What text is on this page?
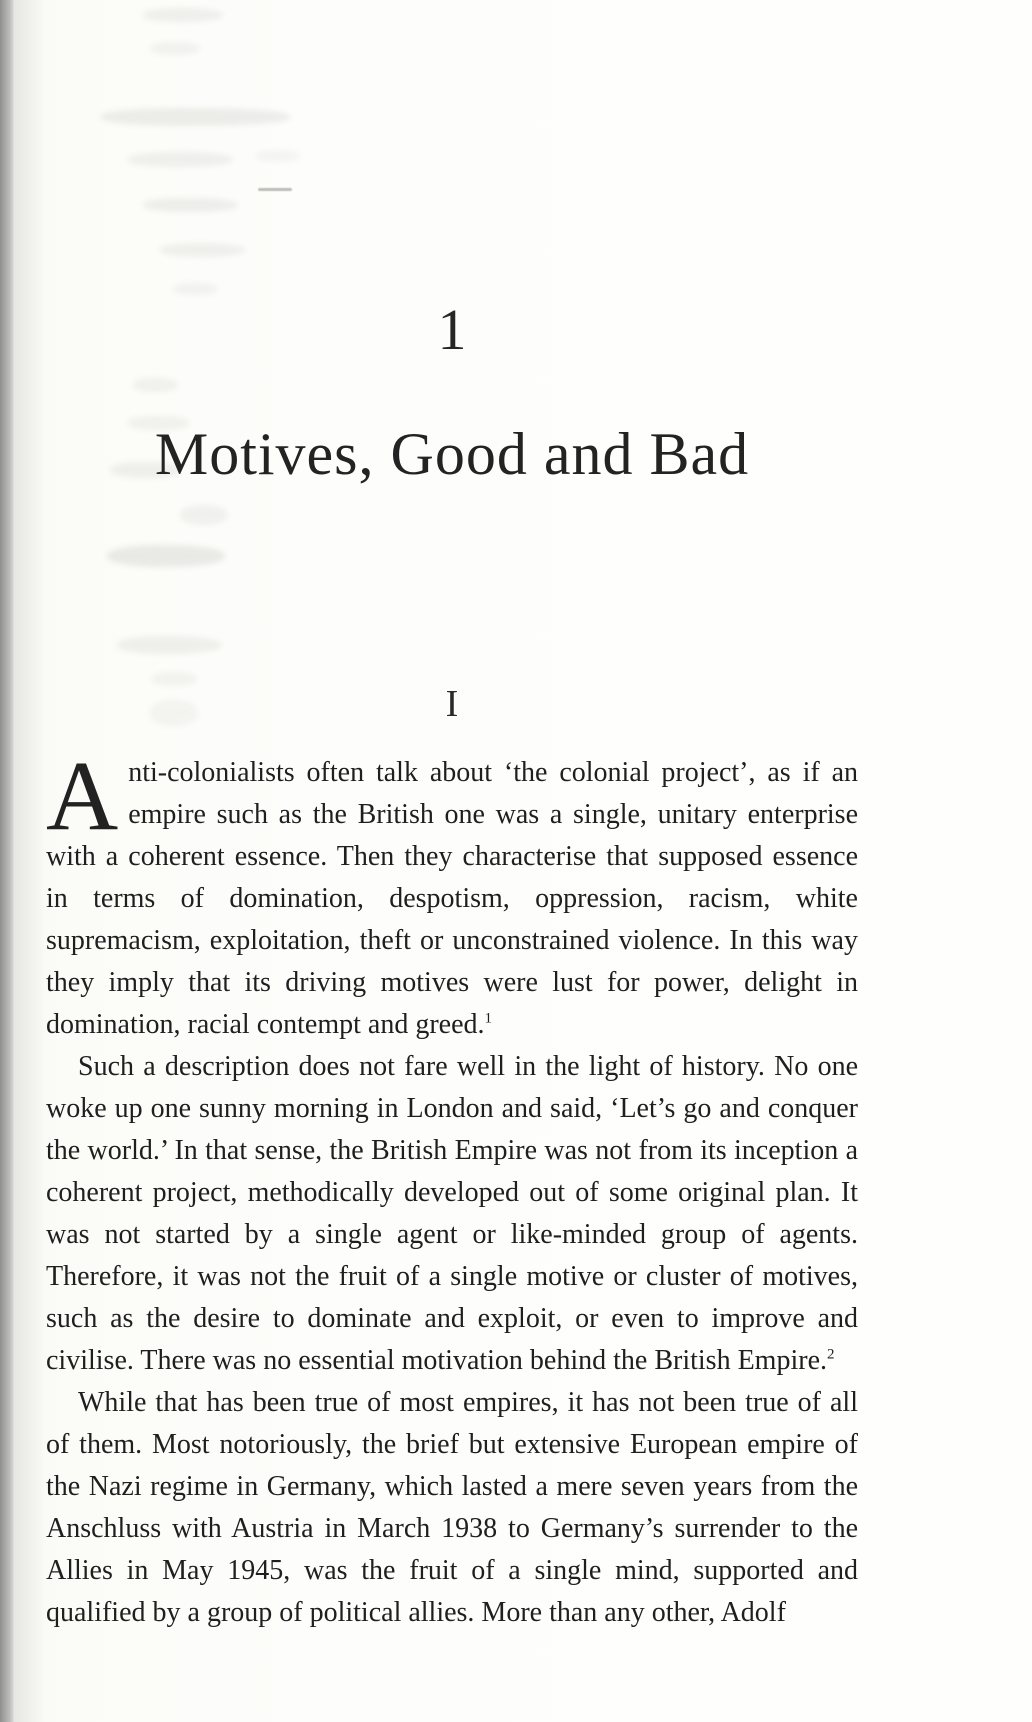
1
Motives, Good and Bad
I

Anti-colonialists often talk about ‘the colonial project’, as if an empire such as the British one was a single, unitary enterprise with a coherent essence. Then they characterise that supposed essence in terms of domination, despotism, oppression, racism, white supremacism, exploitation, theft or unconstrained violence. In this way they imply that its driving motives were lust for power, delight in domination, racial contempt and greed.$^1$

Such a description does not fare well in the light of history. No one woke up one sunny morning in London and said, ‘Let’s go and conquer the world.’ In that sense, the British Empire was not from its inception a coherent project, methodically developed out of some original plan. It was not started by a single agent or like-minded group of agents. Therefore, it was not the fruit of a single motive or cluster of motives, such as the desire to dominate and exploit, or even to improve and civilise. There was no essential motivation behind the British Empire.$^2$

While that has been true of most empires, it has not been true of all of them. Most notoriously, the brief but extensive European empire of the Nazi regime in Germany, which lasted a mere seven years from the Anschluss with Austria in March 1938 to Germany’s surrender to the Allies in May 1945, was the fruit of a single mind, supported and qualified by a group of political allies. More than any other, Adolf
